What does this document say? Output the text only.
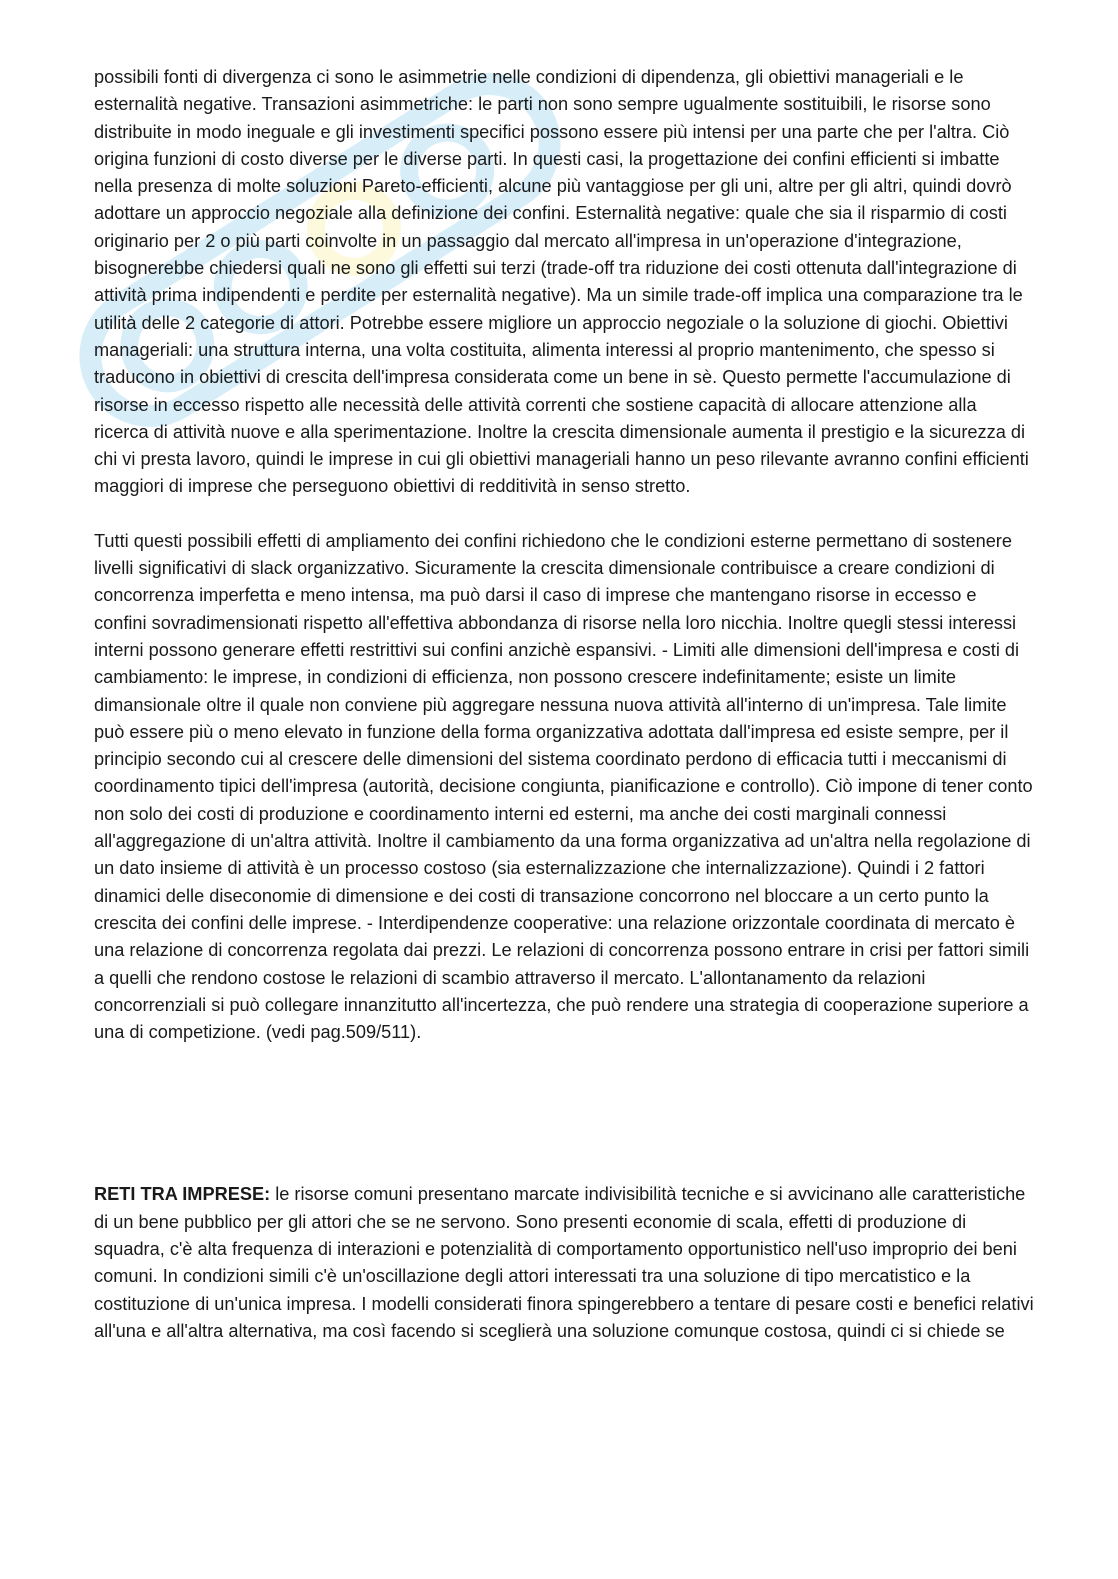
possibili fonti di divergenza ci sono le asimmetrie nelle condizioni di dipendenza, gli obiettivi manageriali e le esternalità negative. Transazioni asimmetriche: le parti non sono sempre ugualmente sostituibili, le risorse sono distribuite in modo ineguale e gli investimenti specifici possono essere più intensi per una parte che per l'altra. Ciò origina funzioni di costo diverse per le diverse parti. In questi casi, la progettazione dei confini efficienti si imbatte nella presenza di molte soluzioni Pareto-efficienti, alcune più vantaggiose per gli uni, altre per gli altri, quindi dovrò adottare un approccio negoziale alla definizione dei confini. Esternalità negative: quale che sia il risparmio di costi originario per 2 o più parti coinvolte in un passaggio dal mercato all'impresa in un'operazione d'integrazione, bisognerebbe chiedersi quali ne sono gli effetti sui terzi (trade-off tra riduzione dei costi ottenuta dall'integrazione di attività prima indipendenti e perdite per esternalità negative). Ma un simile trade-off implica una comparazione tra le utilità delle 2 categorie di attori. Potrebbe essere migliore un approccio negoziale o la soluzione di giochi. Obiettivi manageriali: una struttura interna, una volta costituita, alimenta interessi al proprio mantenimento, che spesso si traducono in obiettivi di crescita dell'impresa considerata come un bene in sè. Questo permette l'accumulazione di risorse in eccesso rispetto alle necessità delle attività correnti che sostiene capacità di allocare attenzione alla ricerca di attività nuove e alla sperimentazione. Inoltre la crescita dimensionale aumenta il prestigio e la sicurezza di chi vi presta lavoro, quindi le imprese in cui gli obiettivi manageriali hanno un peso rilevante avranno confini efficienti maggiori di imprese che perseguono obiettivi di redditività in senso stretto.

Tutti questi possibili effetti di ampliamento dei confini richiedono che le condizioni esterne permettano di sostenere livelli significativi di slack organizzativo. Sicuramente la crescita dimensionale contribuisce a creare condizioni di concorrenza imperfetta e meno intensa, ma può darsi il caso di imprese che mantengano risorse in eccesso e confini sovradimensionati rispetto all'effettiva abbondanza di risorse nella loro nicchia. Inoltre quegli stessi interessi interni possono generare effetti restrittivi sui confini anzichè espansivi. - Limiti alle dimensioni dell'impresa e costi di cambiamento: le imprese, in condizioni di efficienza, non possono crescere indefinitamente; esiste un limite dimansionale oltre il quale non conviene più aggregare nessuna nuova attività all'interno di un'impresa. Tale limite può essere più o meno elevato in funzione della forma organizzativa adottata dall'impresa ed esiste sempre, per il principio secondo cui al crescere delle dimensioni del sistema coordinato perdono di efficacia tutti i meccanismi di coordinamento tipici dell'impresa (autorità, decisione congiunta, pianificazione e controllo). Ciò impone di tener conto non solo dei costi di produzione e coordinamento interni ed esterni, ma anche dei costi marginali connessi all'aggregazione di un'altra attività. Inoltre il cambiamento da una forma organizzativa ad un'altra nella regolazione di un dato insieme di attività è un processo costoso (sia esternalizzazione che internalizzazione). Quindi i 2 fattori dinamici delle diseconomie di dimensione e dei costi di transazione concorrono nel bloccare a un certo punto la crescita dei confini delle imprese. - Interdipendenze cooperative: una relazione orizzontale coordinata di mercato è una relazione di concorrenza regolata dai prezzi. Le relazioni di concorrenza possono entrare in crisi per fattori simili a quelli che rendono costose le relazioni di scambio attraverso il mercato. L'allontanamento da relazioni concorrenziali si può collegare innanzitutto all'incertezza, che può rendere una strategia di cooperazione superiore a una di competizione. (vedi pag.509/511).

RETI TRA IMPRESE: le risorse comuni presentano marcate indivisibilità tecniche e si avvicinano alle caratteristiche di un bene pubblico per gli attori che se ne servono. Sono presenti economie di scala, effetti di produzione di squadra, c'è alta frequenza di interazioni e potenzialità di comportamento opportunistico nell'uso improprio dei beni comuni. In condizioni simili c'è un'oscillazione degli attori interessati tra una soluzione di tipo mercatistico e la costituzione di un'unica impresa. I modelli considerati finora spingerebbero a tentare di pesare costi e benefici relativi all'una e all'altra alternativa, ma così facendo si sceglierà una soluzione comunque costosa, quindi ci si chiede se
